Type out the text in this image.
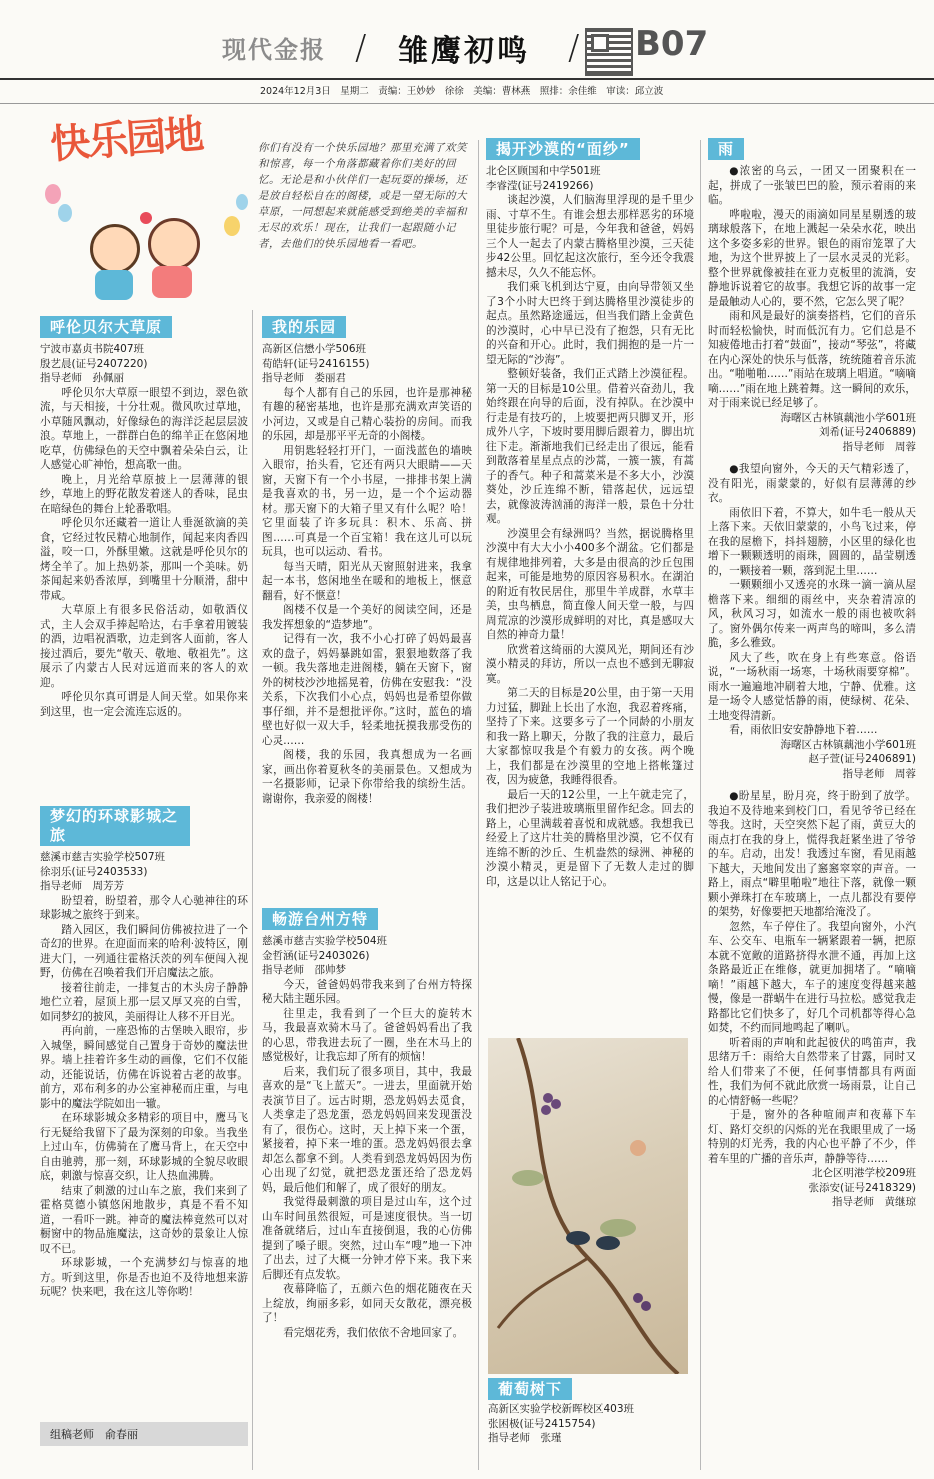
现代金报 / 雏鹰初鸣 / B07
2024年12月3日　星期二　责编：王妙妙　徐徐　美编：曹林燕　照排：余佳维　审读：邱立波
快乐园地	你们有没有一个快乐园地？那里充满了欢笑和惊喜，每一个角落都藏着你们美好的回忆。无论是和小伙伴们一起玩耍的操场，还是放自轻松自在的阁楼，或是一望无际的大草原，一同想起来就能感受到绝美的幸福和无尽的欢乐！现在，让我们一起跟随小记者，去他们的快乐园地看一看吧。
呼伦贝尔大草原
宁波市嘉贞书院407班
殷艺晨(证号2407220)
指导老师　孙佩丽

呼伦贝尔大草原一眼望不到边，翠色欲流，与天相接，十分壮观。微风吹过草地，小草随风飘动，好像绿色的海洋泛起层层波浪。草地上，一群群白色的绵羊正在悠闲地吃草，仿佛绿色的天空中飘着朵朵白云，让人感觉心旷神怡，想高歌一曲。

晚上，月光给草原披上一层薄薄的银纱，草地上的野花散发着迷人的香味，昆虫在暗绿色的舞台上轮番歌唱。

呼伦贝尔还藏着一道让人垂涎欲滴的美食，它经过牧民精心地制作，闻起来肉香四溢，咬一口，外酥里嫩。这就是呼伦贝尔的烤全羊了。加上热奶茶，那叫一个美味。奶茶闻起来奶香浓厚，到嘴里十分顺滑，甜中带咸。

大草原上有很多民俗活动，如敬酒仪式，主人会双手捧起哈达，右手拿着用镀装的酒，边唱祝酒歌，边走到客人面前，客人接过酒后，要先“敬天、敬地、敬祖先”。这展示了内蒙古人民对远道而来的客人的欢迎。

呼伦贝尔真可谓是人间天堂。如果你来到这里，也一定会流连忘返的。

梦幻的环球影城之旅
慈溪市慈吉实验学校507班
徐羽乐(证号2403533)
指导老师　周芳芳

盼望着，盼望着，那令人心驰神往的环球影城之旅终于到来。

踏入园区，我们瞬间仿佛被拉进了一个奇幻的世界。在迎面而来的哈利·波特区，刚进大门，一列通往霍格沃茨的列车便闯入视野，仿佛在召唤着我们开启魔法之旅。

接着往前走，一排复古的木头房子静静地伫立着，屋顶上那一层又厚又亮的白雪，如同梦幻的披风，美丽得让人移不开目光。

再向前，一座恐怖的古堡映入眼帘，步入城堡，瞬间感觉自己置身于奇妙的魔法世界。墙上挂着许多生动的画像，它们不仅能动，还能说话，仿佛在诉说着古老的故事。前方，邓布利多的办公室神秘而庄重，与电影中的魔法学院如出一辙。

在环球影城众多精彩的项目中，鹰马飞行无疑给我留下了最为深刻的印象。当我坐上过山车，仿佛骑在了鹰马背上，在天空中自由驰骋，那一刻，环球影城的全貌尽收眼底，刺激与惊喜交织，让人热血沸腾。

结束了刺激的过山车之旅，我们来到了霍格莫德小镇悠闲地散步，真是不看不知道，一看吓一跳。神奇的魔法棒竟然可以对橱窗中的物品施魔法，这奇妙的景象让人惊叹不已。

环球影城，一个充满梦幻与惊喜的地方。听到这里，你是否也迫不及待地想来游玩呢？快来吧，我在这儿等你哟！

组稿老师　俞春丽
我的乐园
高新区信懋小学506班
荀皓轩(证号2416155)
指导老师　娄丽君

每个人都有自己的乐园，也许是那神秘有趣的秘密基地，也许是那充满欢声笑语的小河边，又或是自己精心装扮的房间。而我的乐园，却是那平平无奇的小阁楼。

用钥匙轻轻打开门，一面浅蓝色的墙映入眼帘，抬头看，它还有两只大眼睛——天窗，天窗下有一个小书屋，一排排书架上满是我喜欢的书，另一边，是一个个运动器材。那天窗下的大箱子里又有什么呢？哈！它里面装了许多玩具：积木、乐高、拼图……可真是一个百宝箱！我在这儿可以玩玩具，也可以运动、看书。

每当天晴，阳光从天窗照射进来，我拿起一本书，悠闲地坐在暖和的地板上，惬意翻看，好不惬意！

阁楼不仅是一个美好的阅读空间，还是我发挥想象的“造梦地”。

记得有一次，我不小心打碎了妈妈最喜欢的盘子，妈妈暴跳如雷，狠狠地数落了我一顿。我失落地走进阁楼，躺在天窗下，窗外的树枝沙沙地摇晃着，仿佛在安慰我：“没关系，下次我们小心点，妈妈也是希望你做事仔细，并不是想批评你。”这时，蓝色的墙壁也好似一双大手，轻柔地抚摸我那受伤的心灵……

阁楼，我的乐园，我真想成为一名画家，画出你着夏秋冬的美丽景色。又想成为一名摄影师，记录下你带给我的缤纷生活。谢谢你，我亲爱的阁楼！

畅游台州方特
慈溪市慈吉实验学校504班
金哲涵(证号2403026)
指导老师　邵帅梦

今天，爸爸妈妈带我来到了台州方特探秘大陆主题乐园。

往里走，我看到了一个巨大的旋转木马，我最喜欢骑木马了。爸爸妈妈看出了我的心思，带我进去玩了一圈，坐在木马上的感觉极好，让我忘却了所有的烦恼！

后来，我们玩了很多项目，其中，我最喜欢的是“飞上蓝天”。一进去，里面就开始表演节目了。远古时期，恐龙妈妈去觅食，人类拿走了恐龙蛋，恐龙妈妈回来发现蛋没有了，很伤心。这时，天上掉下来一个蛋，紧接着，掉下来一堆的蛋。恐龙妈妈很去拿却怎么都拿不到。人类看到恐龙妈妈因为伤心出现了幻觉，就把恐龙蛋还给了恐龙妈妈，最后他们和解了，成了很好的朋友。

我觉得最刺激的项目是过山车，这个过山车时间虽然很短，可是速度很快。当一切准备就绪后，过山车直接倒退，我的心仿佛提到了嗓子眼。突然，过山车“嗖”地一下冲了出去，过了大概一分钟才停下来。我下来后脚还有点发软。

夜幕降临了，五颜六色的烟花随夜在天上绽放，绚丽多彩，如同天女散花，漂亮极了！

看完烟花秀，我们依依不舍地回家了。

揭开沙漠的“面纱”
北仑区顾国和中学501班
李睿滢(证号2419266)

谈起沙漠，人们脑海里浮现的是千里少雨、寸草不生。有谁会想去那样恶劣的环境里徒步旅行呢？可是，今年我和爸爸，妈妈三个人一起去了内蒙古腾格里沙漠，三天徒步42公里。回忆起这次旅行，至今还令我震撼未尽，久久不能忘怀。

我们乘飞机到达宁夏，由向导带领又坐了3个小时大巴终于到达腾格里沙漠徒步的起点。虽然路途遥远，但当我们踏上金黄色的沙漠时，心中早已没有了抱怨，只有无比的兴奋和开心。此时，我们拥抱的是一片一望无际的“沙海”。

整顿好装备，我们正式踏上沙漠征程。第一天的目标是10公里。借着兴奋劲儿，我始终跟在向导的后面，没有掉队。在沙漠中行走是有技巧的，上坡要把两只脚叉开，形成外八字，下坡时要用脚后跟着力，脚出坑往下走。渐渐地我们已经走出了很远，能看到散落着星星点点的沙蒿，一簇一簇，有蒿子的香气。种子和蒿菜米是不多大小，沙漠葵处，沙丘连绵不断，错落起伏，远远望去，就像波涛汹涌的海洋一般，景色十分壮观。

沙漠里会有绿洲吗？当然，据说腾格里沙漠中有大大小小400多个湖盆。它们都是有规律地排列着，大多是由很高的沙丘包围起来，可能是地势的原因容易积水。在湖泊的附近有牧民居住，那里牛羊成群，水草丰美，虫鸟栖息，简直像人间天堂一般，与四周荒凉的沙漠形成鲜明的对比，真是感叹大自然的神奇力量！

欣赏着这绮丽的大漠风光，期间还有沙漠小精灵的拜访，所以一点也不感到无聊寂寞。

第二天的目标是20公里，由于第一天用力过猛，脚趾上长出了水泡，我忍着疼痛，坚持了下来。这要多亏了一个同龄的小朋友和我一路上聊天，分散了我的注意力，最后大家都惊叹我是个有毅力的女孩。两个晚上，我们都是在沙漠里的空地上搭帐篷过夜，因为疲惫，我睡得很香。

最后一天的12公里，一上午就走完了，我们把沙子装进玻璃瓶里留作纪念。回去的路上，心里满载着喜悦和成就感。我想我已经爱上了这片壮美的腾格里沙漠，它不仅有连绵不断的沙丘、生机盎然的绿洲、神秘的沙漠小精灵，更是留下了无数人走过的脚印，这是以让人铭记于心。

葡萄树下
高新区实验学校新晖校区403班
张困极(证号2415754)
指导老师　张瑾
雨

●浓密的乌云，一团又一团聚积在一起，拼成了一张皱巴巴的脸，预示着雨的来临。

哗啦啦，漫天的雨滴如同星星剔透的玻璃球般落下，在地上溅起一朵朵水花，映出这个多姿多彩的世界。银色的雨帘笼罩了大地，为这个世界披上了一层水灵灵的光彩。整个世界就像被挂在亚力克板里的流淌，安静地诉说着它的故事。我想它诉的故事一定是最触动人心的，要不然，它怎么哭了呢？

雨和风是最好的演奏搭档，它们的音乐时而轻松愉快，时而低沉有力。它们总是不知疲倦地击打着“鼓面”，接动“琴弦”，将藏在内心深处的快乐与低落，统统随着音乐流出。“啪啪啪……”雨站在玻璃上唱道。“嘀嘀嘀……”雨在地上跳着舞。这一瞬间的欢乐，对于雨来说已经足够了。

海曙区古林镇藕池小学601班
刘希(证号2406889)
指导老师　周蓉

●我望向窗外，今天的天气精彩透了，没有阳光，雨蒙蒙的，好似有层薄薄的纱衣。

雨依旧下着，不算大，如牛毛一般从天上落下来。天依旧蒙蒙的，小鸟飞过来，停在我的屋檐下，抖抖翅膀，小区里的绿化也增下一颗颗透明的雨珠，圆圆的，晶莹剔透的，一颗接着一颗，落到泥土里……

一颗颗细小又透亮的水珠一滴一滴从屋檐落下来。细细的雨丝中，夹杂着清凉的风，秋风习习，如流水一般的雨也被吹斜了。窗外偶尔传来一两声鸟的啼叫，多么清脆，多么雅致。

风大了些，吹在身上有些寒意。俗语说，“一场秋雨一场寒，十场秋雨要穿棉”。雨水一遍遍地冲刷着大地，宁静、优雅。这是一场令人感觉恬静的雨，使绿树、花朵、土地变得清新。

看，雨依旧安安静静地下着……

海曙区古林镇藕池小学601班
赵子萱(证号2406891)
指导老师　周蓉

●盼星星，盼月亮，终于盼到了放学。我迫不及待地来到校门口，看见爷爷已经在等我。这时，天空突然下起了雨，黄豆大的雨点打在我的身上，慌得我赶紧坐进了爷爷的车。启动，出发！我透过车窗，看见雨越下越大，天地间发出了窸窸窣窣的声音。一路上，雨点“噼里啪啦”地往下落，就像一颗颗小弹珠打在车玻璃上，一点儿都没有要停的架势，好像要把天地都给淹没了。

忽然，车子停住了。我望向窗外，小汽车、公交车、电瓶车一辆紧跟着一辆，把原本就不宽敞的道路挤得水泄不通，再加上这条路最近正在维修，就更加拥堵了。“嘀嘀嘀！”雨越下越大，车子的速度变得越来越慢，像是一群蜗牛在进行马拉松。感觉我走路都比它们快多了，好几个司机都等得心急如焚，不约而同地鸣起了喇叭。

听着雨的声响和此起彼伏的鸣笛声，我思绪万千：雨给大自然带来了甘露，同时又给人们带来了不便，任何事情都具有两面性，我们为何不就此欣赏一场雨景，让自己的心情舒畅一些呢？

于是，窗外的各种喧闹声和夜幕下车灯、路灯交织的闪烁的光在我眼里成了一场特别的灯光秀，我的内心也平静了不少，伴着车里的广播的音乐声，静静等待……

北仑区明港学校209班
张添安(证号2418329)
指导老师　黄继琼
